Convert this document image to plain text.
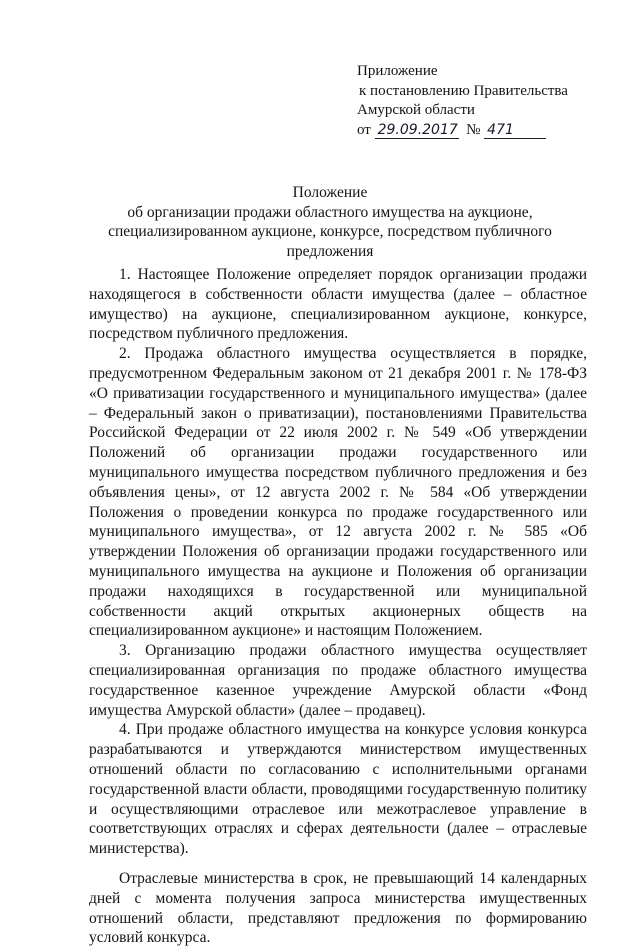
Приложение
к постановлению Правительства
Амурской области
от 29.09.2017 № 471
Положение
об организации продажи областного имущества на аукционе, специализированном аукционе, конкурсе, посредством публичного предложения

1. Настоящее Положение определяет порядок организации продажи находящегося в собственности области имущества (далее – областное имущество) на аукционе, специализированном аукционе, конкурсе, посредством публичного предложения.

2. Продажа областного имущества осуществляется в порядке, предусмотренном Федеральным законом от 21 декабря 2001 г. № 178-ФЗ «О приватизации государственного и муниципального имущества» (далее – Федеральный закон о приватизации), постановлениями Правительства Российской Федерации от 22 июля 2002 г. № 549 «Об утверждении Положений об организации продажи государственного или муниципального имущества посредством публичного предложения и без объявления цены», от 12 августа 2002 г. № 584 «Об утверждении Положения о проведении конкурса по продаже государственного или муниципального имущества», от 12 августа 2002 г. № 585 «Об утверждении Положения об организации продажи государственного или муниципального имущества на аукционе и Положения об организации продажи находящихся в государственной или муниципальной собственности акций открытых акционерных обществ на специализированном аукционе» и настоящим Положением.

3. Организацию продажи областного имущества осуществляет специализированная организация по продаже областного имущества государственное казенное учреждение Амурской области «Фонд имущества Амурской области» (далее – продавец).

4. При продаже областного имущества на конкурсе условия конкурса разрабатываются и утверждаются министерством имущественных отношений области по согласованию с исполнительными органами государственной власти области, проводящими государственную политику и осуществляющими отраслевое или межотраслевое управление в соответствующих отраслях и сферах деятельности (далее – отраслевые министерства).

Отраслевые министерства в срок, не превышающий 14 календарных дней с момента получения запроса министерства имущественных отношений области, представляют предложения по формированию условий конкурса.
